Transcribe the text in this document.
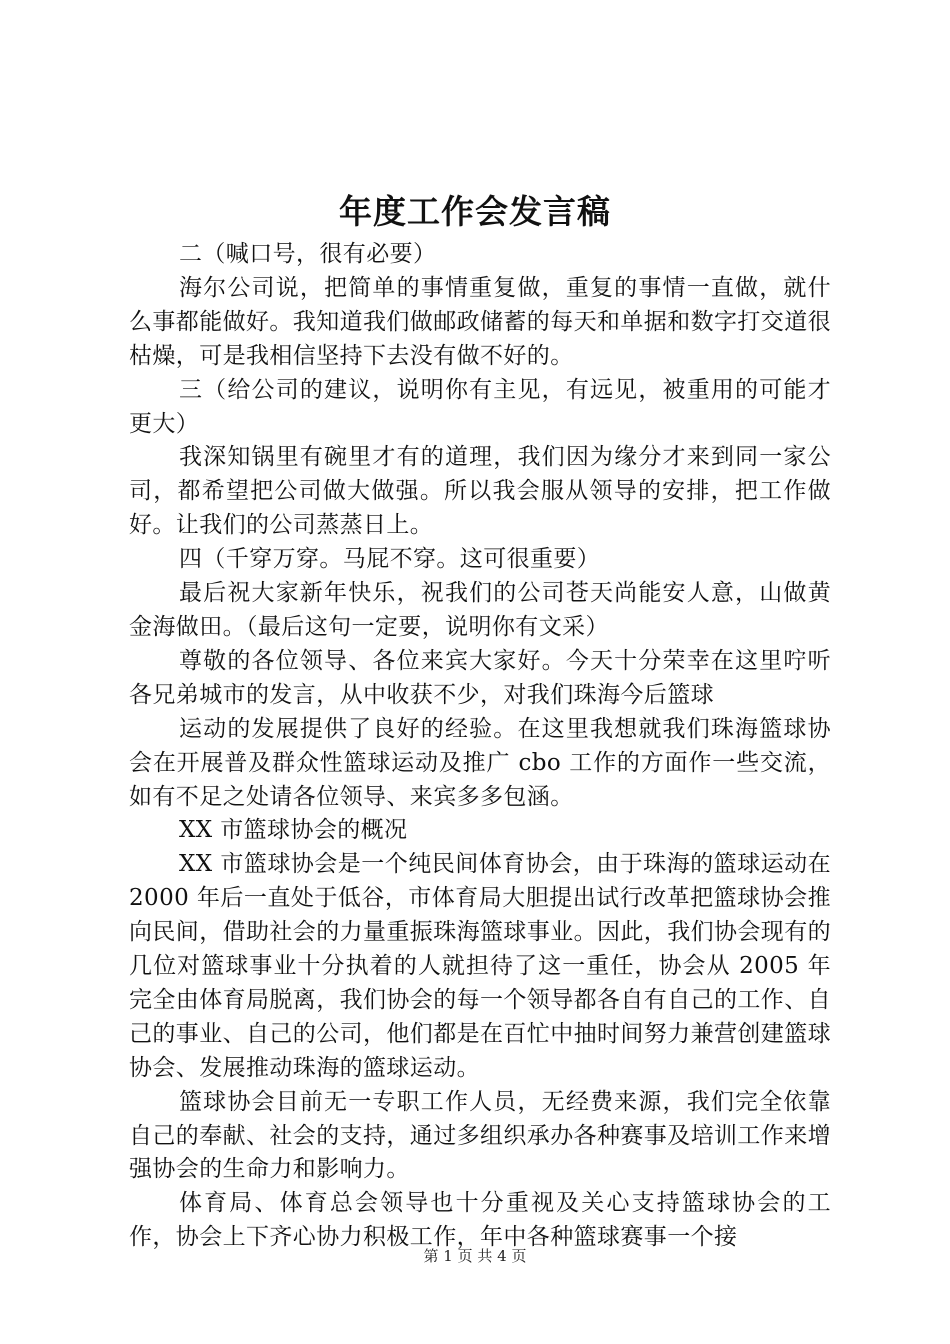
年度工作会发言稿

二（喊口号，很有必要）

海尔公司说，把简单的事情重复做，重复的事情一直做，就什么事都能做好。我知道我们做邮政储蓄的每天和单据和数字打交道很枯燥，可是我相信坚持下去没有做不好的。

三（给公司的建议，说明你有主见，有远见，被重用的可能才更大）

我深知锅里有碗里才有的道理，我们因为缘分才来到同一家公司，都希望把公司做大做强。所以我会服从领导的安排，把工作做好。让我们的公司蒸蒸日上。

四（千穿万穿。马屁不穿。这可很重要）

最后祝大家新年快乐，祝我们的公司苍天尚能安人意，山做黄金海做田。（最后这句一定要，说明你有文采）

尊敬的各位领导、各位来宾大家好。今天十分荣幸在这里咛听各兄弟城市的发言，从中收获不少，对我们珠海今后篮球

运动的发展提供了良好的经验。在这里我想就我们珠海篮球协会在开展普及群众性篮球运动及推广 cbo 工作的方面作一些交流，如有不足之处请各位领导、来宾多多包涵。

XX 市篮球协会的概况

XX 市篮球协会是一个纯民间体育协会，由于珠海的篮球运动在 2000 年后一直处于低谷，市体育局大胆提出试行改革把篮球协会推向民间，借助社会的力量重振珠海篮球事业。因此，我们协会现有的几位对篮球事业十分执着的人就担待了这一重任，协会从 2005 年完全由体育局脱离，我们协会的每一个领导都各自有自己的工作、自己的事业、自己的公司，他们都是在百忙中抽时间努力兼营创建篮球协会、发展推动珠海的篮球运动。

篮球协会目前无一专职工作人员，无经费来源，我们完全依靠自己的奉献、社会的支持，通过多组织承办各种赛事及培训工作来增强协会的生命力和影响力。

体育局、体育总会领导也十分重视及关心支持篮球协会的工作，协会上下齐心协力积极工作，年中各种篮球赛事一个接

第 1 页 共 4 页
